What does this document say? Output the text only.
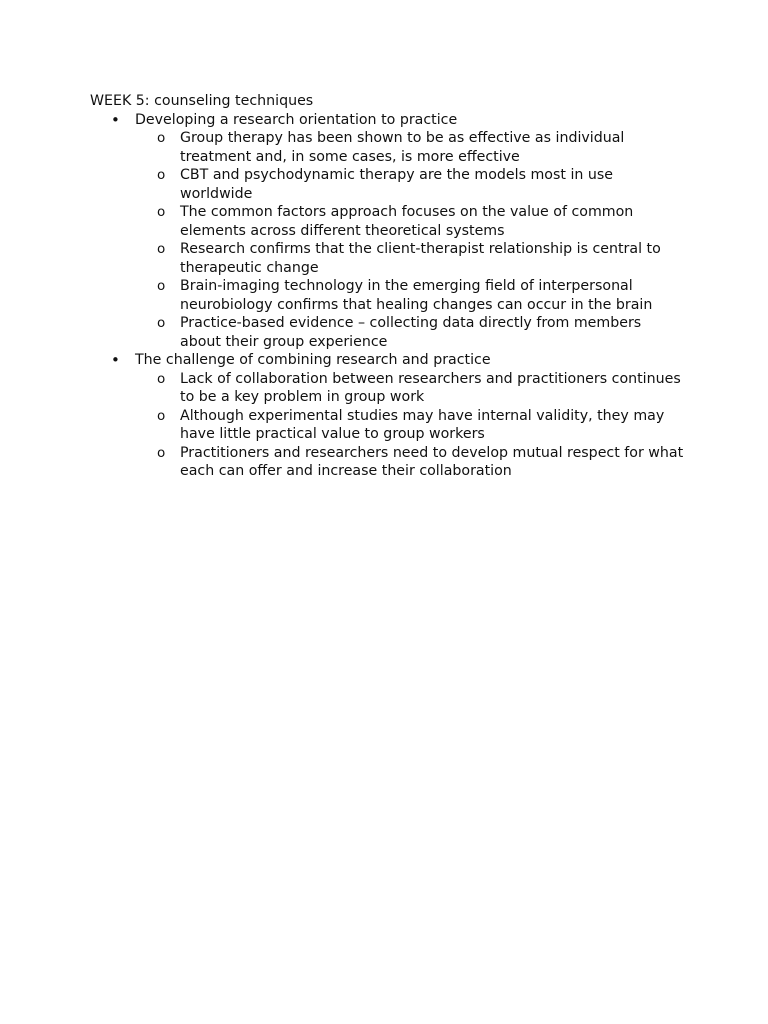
WEEK 5: counseling techniques
• Developing a research orientation to practice
o Group therapy has been shown to be as effective as individual treatment and, in some cases, is more effective
o CBT and psychodynamic therapy are the models most in use worldwide
o The common factors approach focuses on the value of common elements across different theoretical systems
o Research confirms that the client-therapist relationship is central to therapeutic change
o Brain-imaging technology in the emerging field of interpersonal neurobiology confirms that healing changes can occur in the brain
o Practice-based evidence – collecting data directly from members about their group experience
• The challenge of combining research and practice
o Lack of collaboration between researchers and practitioners continues to be a key problem in group work
o Although experimental studies may have internal validity, they may have little practical value to group workers
o Practitioners and researchers need to develop mutual respect for what each can offer and increase their collaboration
